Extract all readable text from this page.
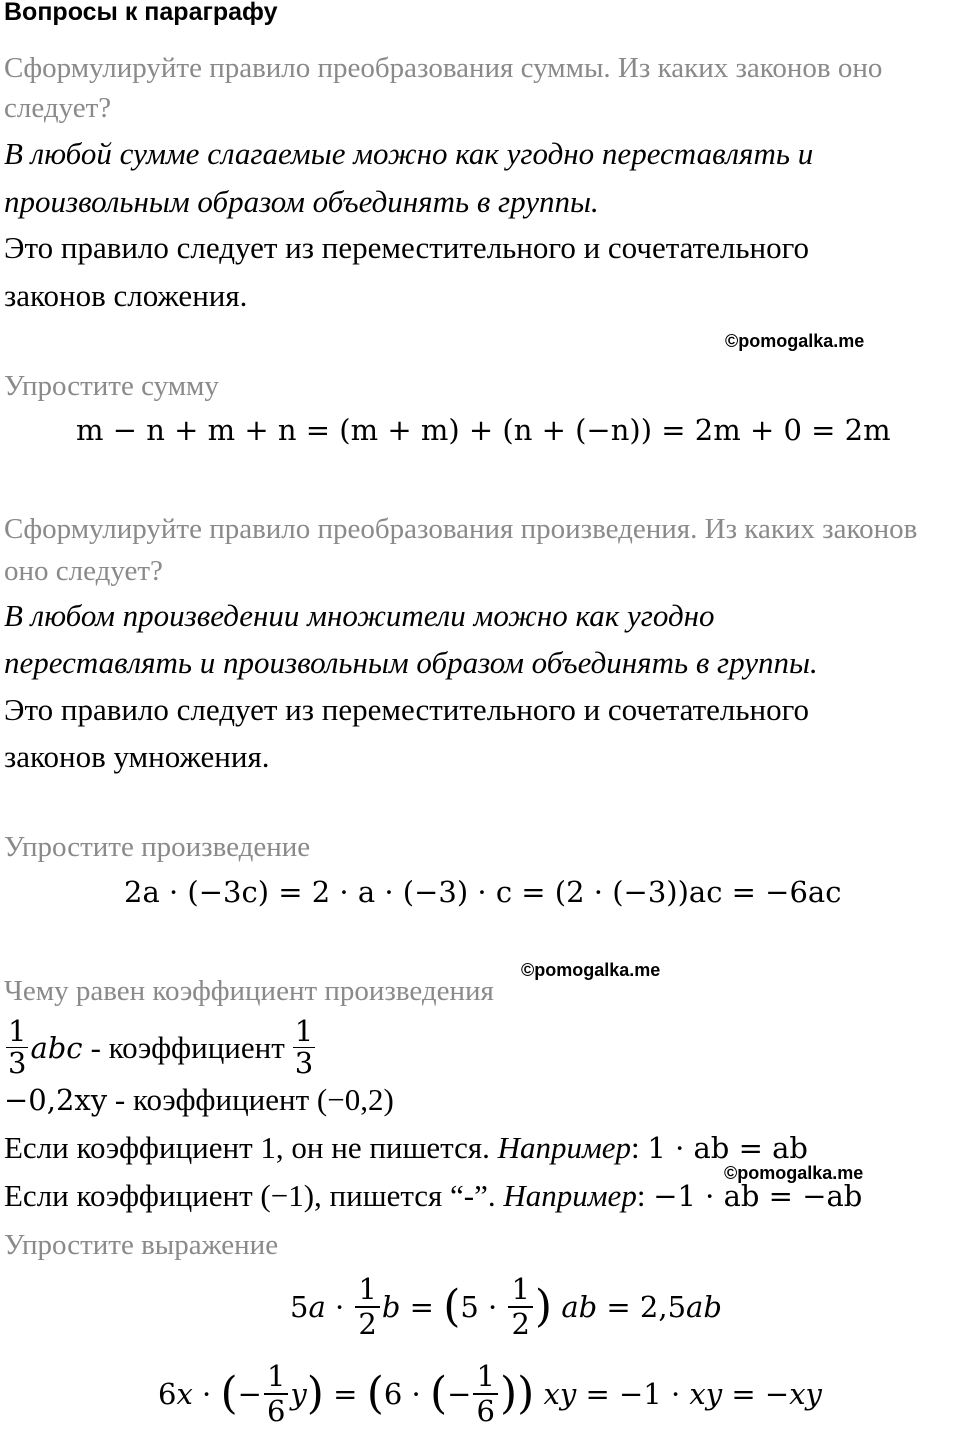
Вопросы к параграфу
Сформулируйте правило преобразования суммы. Из каких законов оно
следует?
В любой сумме слагаемые можно как угодно переставлять и
произвольным образом объединять в группы.
Это правило следует из переместительного и сочетательного
законов сложения.
©pomogalka.me
Упростите сумму
m − n + m + n = (m + m) + (n + (−n)) = 2m + 0 = 2m
Сформулируйте правило преобразования произведения. Из каких законов
оно следует?
В любом произведении множители можно как угодно
переставлять и произвольным образом объединять в группы.
Это правило следует из переместительного и сочетательного
законов умножения.
Упростите произведение
2a · (−3c) = 2 · a · (−3) · c = (2 · (−3))ac = −6ac
©pomogalka.me
Чему равен коэффициент произведения
$\frac{1}{3}$ abc - коэффициент $\frac{1}{3}$
−0,2xy - коэффициент (−0,2)
Если коэффициент 1, он не пишется. Например: 1 · ab = ab
©pomogalka.me
Если коэффициент (−1), пишется “-”. Например: −1 · ab = −ab
Упростите выражение
$5a \cdot \frac{1}{2}$ b = ( $5 \cdot \frac{1}{2}$ ) ab = 2,5ab
6x · ( − $\frac{1}{6}$ y ) = ( 6 · ( − $\frac{1}{6}$ ) ) xy = −1 · xy = −xy
